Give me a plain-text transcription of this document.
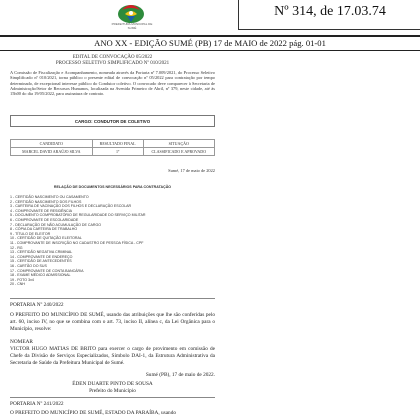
PREFEITURA MUNICIPAL DE SUMÉ
Nº 314, de 17.03.74
ANO XX - EDIÇÃO SUMÉ (PB) 17 de MAIO de 2022 pág. 01-01
EDITAL DE CONVOCAÇÃO 05/2022
PROCESSO SELETIVO SIMPLIFICADO Nº 010/2021
A Comissão de Fiscalização e Acompanhamento, nomeada através da Portaria nº 7.009/2021, do Processo Seletivo Simplificado nº 010/2021, torna público o presente edital de convocação nº 05/2022 para contratação por tempo determinado, de excepcional interesse público do Condutor coletivo. O convocado deve comparecer à Secretaria de Administração/Setor de Recursos Humanos, localizada na Avenida Primeiro de Abril, nº 379, neste cidade, até às 15h00 do dia 19/05/2022, para assinatura de contrato.
CARGO: CONDUTOR DE COLETIVO
CANDIDATO	RESULTADO FINAL	SITUAÇÃO
MARCEL DAVID ARAÚJO SILVA	1º	CLASSIFICADO E APROVADO
Sumé, 17 de maio de 2022
RELAÇÃO DE DOCUMENTOS NECESSÁRIOS PARA CONTRATAÇÃO
1 - CERTIDÃO NASCIMENTO OU CASAMENTO
2 - CERTIDÃO NASCIMENTO DOS FILHOS
3 - CARTEIRA DE VACINAÇÃO DOS FILHOS E DECLARAÇÃO ESCOLAR
4 - COMPROVANTE DE RESIDÊNCIA
5 - DOCUMENTO COMPROBATÓRIO DE REGULARIDADE DO SERVIÇO MILITAR
6 - COMPROVANTE DE ESCOLARIDADE
7 - DECLARAÇÃO DE NÃO ACUMULAÇÃO DE CARGO
8 - CÓPIA DA CARTEIRA DE TRABALHO
9 - TÍTULO DE ELEITOR
10 - CERTIDÃO DE QUITAÇÃO ELEITORAL
11 - COMPROVANTE DE INSCRIÇÃO NO CADASTRO DE PESSOA FÍSICA - CPF
12 - RG
13 - CERTIDÃO NEGATIVA CRIMINAL
14 - COMPROVANTE DE ENDEREÇO
15 - CERTIDÃO DE ANTECEDENTES
16 - CARTÃO DO SUS
17 - COMPROVANTE DE CONTA BANCÁRIA
18 - EXAME MÉDICO ADMISSIONAL
19 - FOTO 3x4
20 - CNH
PORTARIA Nº 240/2022
O PREFEITO DO MUNICÍPIO DE SUMÉ, usando das atribuições que lhe são conferidas pelo art. 60, inciso IV, no que se combina com o art. 73, inciso II, alínea c, da Lei Orgânica para o Município, resolve:
NOMEAR
VICTOR HUGO MATIAS DE BRITO para exercer o cargo de provimento em comissão de Chefe da Divisão de Serviços Especializados, Símbolo DAI-1, da Estrutura Administrativa da Secretaria de Saúde da Prefeitura Municipal de Sumé.
Sumé (PB), 17 de maio de 2022.
ÉDEN DUARTE PINTO DE SOUSA
Prefeito do Município
PORTARIA Nº 241/2022
O PREFEITO DO MUNICÍPIO DE SUMÉ, ESTADO DA PARAÍBA, usando
